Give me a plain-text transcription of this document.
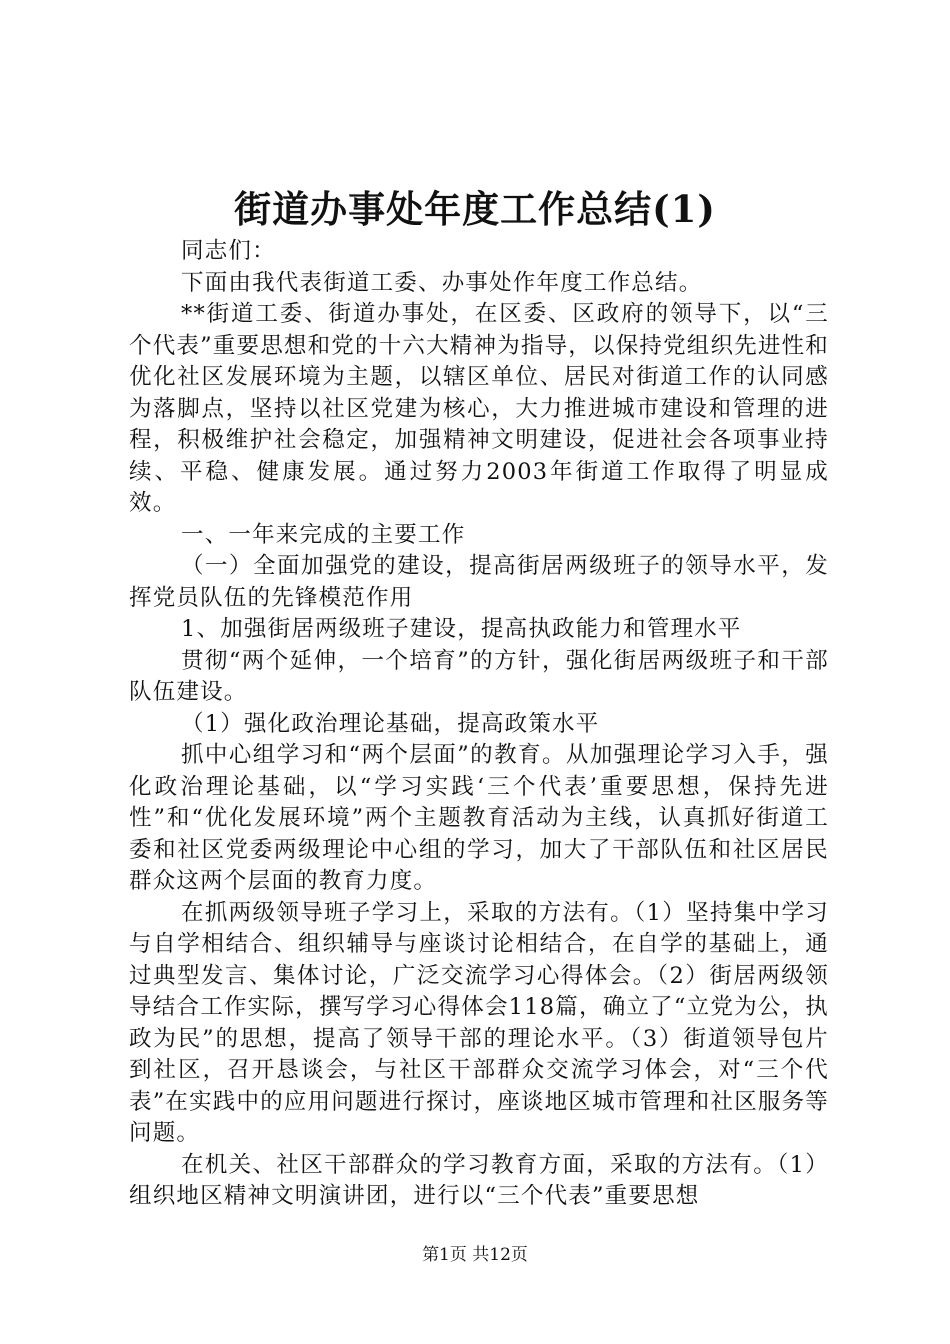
街道办事处年度工作总结(1)

同志们：

下面由我代表街道工委、办事处作年度工作总结。

**街道工委、街道办事处，在区委、区政府的领导下，以“三个代表”重要思想和党的十六大精神为指导，以保持党组织先进性和优化社区发展环境为主题，以辖区单位、居民对街道工作的认同感为落脚点，坚持以社区党建为核心，大力推进城市建设和管理的进程，积极维护社会稳定，加强精神文明建设，促进社会各项事业持续、平稳、健康发展。通过努力2003年街道工作取得了明显成效。

一、一年来完成的主要工作

（一）全面加强党的建设，提高街居两级班子的领导水平，发挥党员队伍的先锋模范作用

1、加强街居两级班子建设，提高执政能力和管理水平

贯彻“两个延伸，一个培育”的方针，强化街居两级班子和干部队伍建设。

（1）强化政治理论基础，提高政策水平

抓中心组学习和“两个层面”的教育。从加强理论学习入手，强化政治理论基础，以“学习实践‘三个代表’重要思想，保持先进性”和“优化发展环境”两个主题教育活动为主线，认真抓好街道工委和社区党委两级理论中心组的学习，加大了干部队伍和社区居民群众这两个层面的教育力度。

在抓两级领导班子学习上，采取的方法有。（1）坚持集中学习与自学相结合、组织辅导与座谈讨论相结合，在自学的基础上，通过典型发言、集体讨论，广泛交流学习心得体会。（2）街居两级领导结合工作实际，撰写学习心得体会118篇，确立了“立党为公，执政为民”的思想，提高了领导干部的理论水平。（3）街道领导包片到社区，召开恳谈会，与社区干部群众交流学习体会，对“三个代表”在实践中的应用问题进行探讨，座谈地区城市管理和社区服务等问题。

在机关、社区干部群众的学习教育方面，采取的方法有。（1）组织地区精神文明演讲团，进行以“三个代表”重要思想

第1页 共12页
